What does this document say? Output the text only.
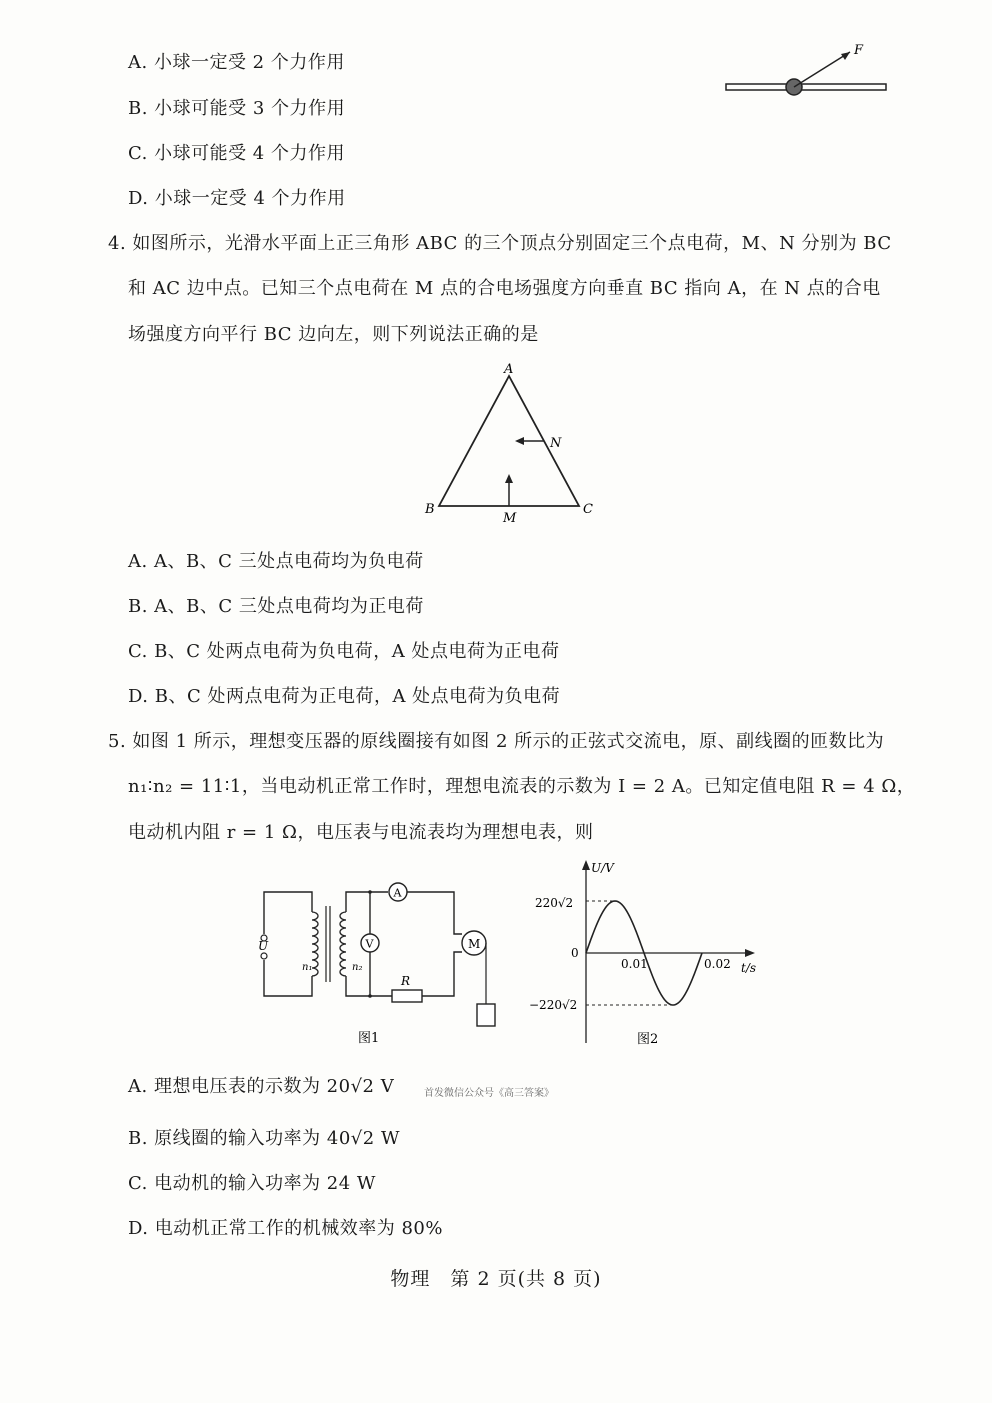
A. 小球一定受 2 个力作用
B. 小球可能受 3 个力作用
C. 小球可能受 4 个力作用
D. 小球一定受 4 个力作用
F
4. 如图所示，光滑水平面上正三角形 ABC 的三个顶点分别固定三个点电荷，M、N 分别为 BC
和 AC 边中点。已知三个点电荷在 M 点的合电场强度方向垂直 BC 指向 A，在 N 点的合电
场强度方向平行 BC 边向左，则下列说法正确的是
A
B	C
M
N
A. A、B、C 三处点电荷均为负电荷
B. A、B、C 三处点电荷均为正电荷
C. B、C 处两点电荷为负电荷，A 处点电荷为正电荷
D. B、C 处两点电荷为正电荷，A 处点电荷为负电荷
5. 如图 1 所示，理想变压器的原线圈接有如图 2 所示的正弦式交流电，原、副线圈的匝数比为
n₁∶n₂ = 11∶1，当电动机正常工作时，理想电流表的示数为 I = 2 A。已知定值电阻 R = 4 Ω，
电动机内阻 r = 1 Ω，电压表与电流表均为理想电表，则
U
n₁	n₂
A
V
R
M
图1
U/V
t/s
0
220√2
−220√2
0.01	0.02
图2
A. 理想电压表的示数为 20√2 V	首发微信公众号《高三答案》
B. 原线圈的输入功率为 40√2 W
C. 电动机的输入功率为 24 W
D. 电动机正常工作的机械效率为 80%
物理　第 2 页(共 8 页)
